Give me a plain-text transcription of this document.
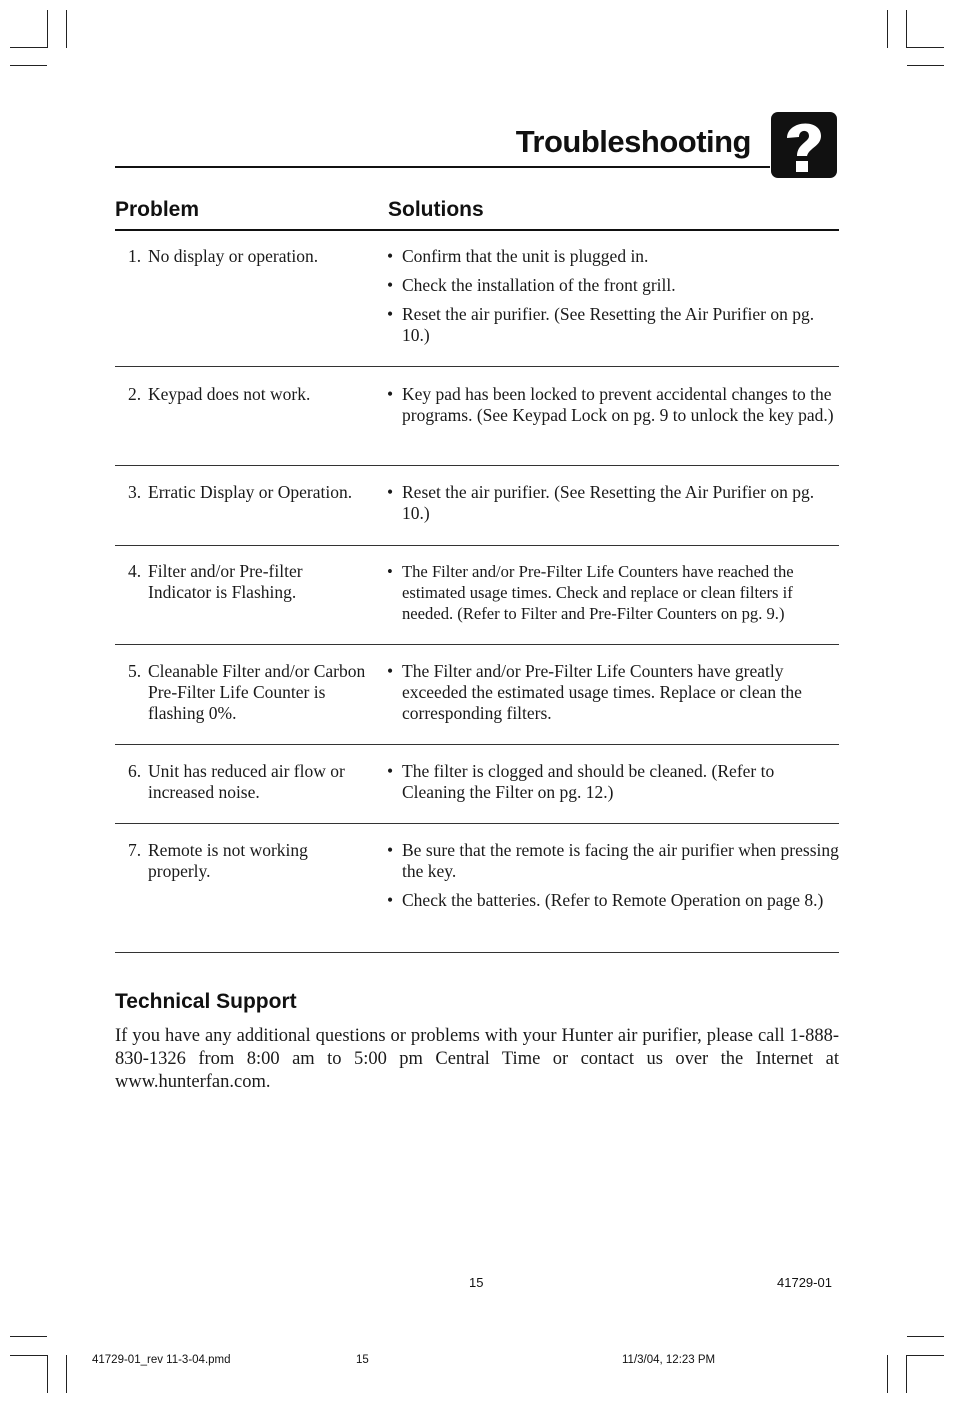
Troubleshooting
Problem	Solutions
1. No display or operation.	• Confirm that the unit is plugged in.
• Check the installation of the front grill.
• Reset the air purifier. (See Resetting the Air Purifier on pg. 10.)
2. Keypad does not work.	• Key pad has been locked to prevent accidental changes to the programs. (See Keypad Lock on pg. 9 to unlock the key pad.)
3. Erratic Display or Operation.	• Reset the air purifier. (See Resetting the Air Purifier on pg. 10.)
4. Filter and/or Pre-filter Indicator is Flashing.
• The Filter and/or Pre-Filter Life Counters have reached the estimated usage times. Check and replace or clean filters if needed. (Refer to Filter and Pre-Filter Counters on pg. 9.)
5. Cleanable Filter and/or Carbon Pre-Filter Life Counter is flashing 0%.
• The Filter and/or Pre-Filter Life Counters have greatly exceeded the estimated usage times. Replace or clean the corresponding filters.
6. Unit has reduced air flow or increased noise.
• The filter is clogged and should be cleaned. (Refer to Cleaning the Filter on pg. 12.)
7. Remote is not working properly.
• Be sure that the remote is facing the air purifier when pressing the key.
• Check the batteries. (Refer to Remote Operation on page 8.)
Technical Support
If you have any additional questions or problems with your Hunter air purifier, please call 1-888-830-1326 from 8:00 am to 5:00 pm Central Time or contact us over the Internet at www.hunterfan.com.
15	41729-01
41729-01_rev 11-3-04.pmd	15	11/3/04, 12:23 PM
